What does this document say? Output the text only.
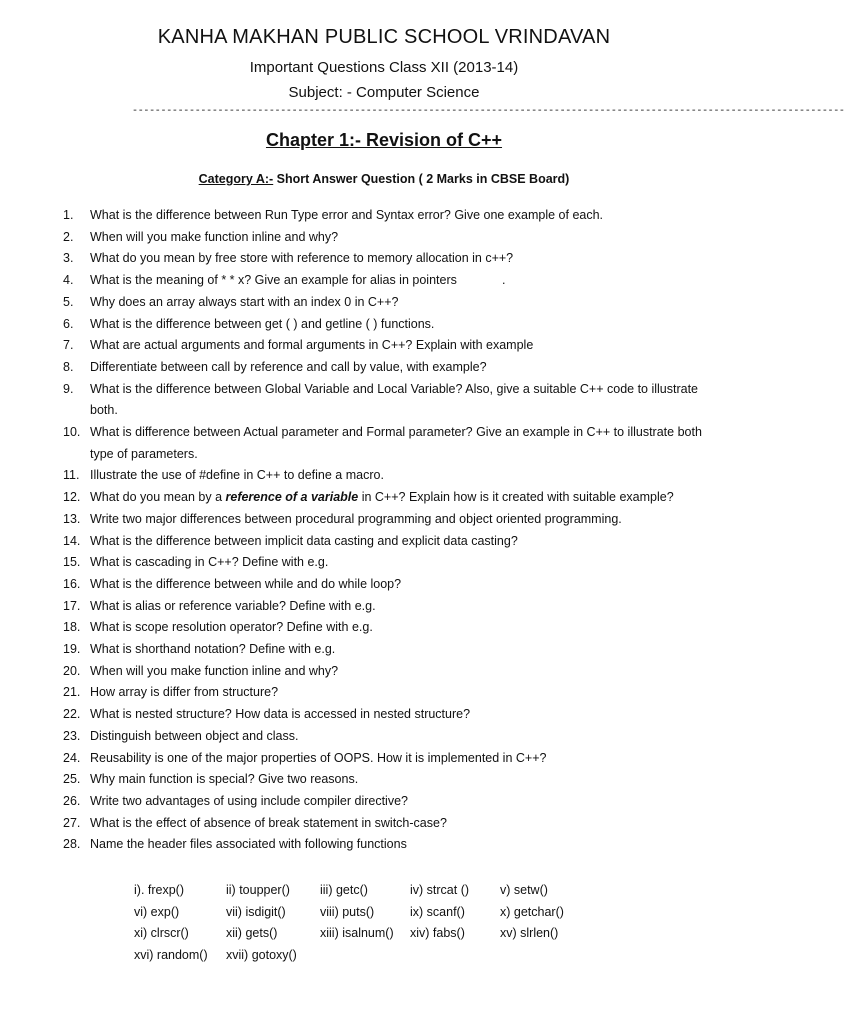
KANHA MAKHAN PUBLIC SCHOOL VRINDAVAN
Important Questions Class XII (2013-14)
Subject: - Computer Science
-----------------------------------------------------------------------------------------------------------------------------
Chapter 1:- Revision of C++
Category A:- Short Answer Question ( 2 Marks in CBSE Board)
1. What is the difference between Run Type error and Syntax error? Give one example of each.
2. When will you make function inline and why?
3. What do you mean by free store with reference to memory allocation in c++?
4. What is the meaning of * * x? Give an example for alias in pointers             .
5. Why does an array always start with an index 0 in C++?
6. What is the difference between get ( ) and getline ( ) functions.
7. What are actual arguments and formal arguments in C++? Explain with example
8. Differentiate between call by reference and call by value, with example?
9. What is the difference between Global Variable and Local Variable? Also, give a suitable C++ code to illustrate both.
10. What is difference between Actual parameter and Formal parameter? Give an example in C++ to illustrate both type of parameters.
11. Illustrate the use of #define in C++ to define a macro.
12. What do you mean by a reference of a variable in C++? Explain how is it created with suitable example?
13. Write two major differences between procedural programming and object oriented programming.
14. What is the difference between implicit data casting and explicit data casting?
15. What is cascading in C++? Define with e.g.
16. What is the difference between while and do while loop?
17. What is alias or reference variable? Define with e.g.
18. What is scope resolution operator? Define with e.g.
19. What is shorthand notation? Define with e.g.
20. When will you make function inline and why?
21. How array is differ from structure?
22. What is nested structure? How data is accessed in nested structure?
23. Distinguish between object and class.
24. Reusability is one of the major properties of OOPS. How it is implemented in C++?
25. Why main function is special? Give two reasons.
26. Write two advantages of using include compiler directive?
27. What is the effect of absence of break statement in switch-case?
28. Name the header files associated with following functions
i). frexp()	ii) toupper()	iii) getc()	iv) strcat ()	v) setw()
vi) exp()	vii) isdigit()	viii) puts()	ix) scanf()	x) getchar()
xi) clrscr()	xii) gets()	xiii) isalnum()	xiv) fabs()	xv) slrlen()
xvi) random()	xvii) gotoxy()
